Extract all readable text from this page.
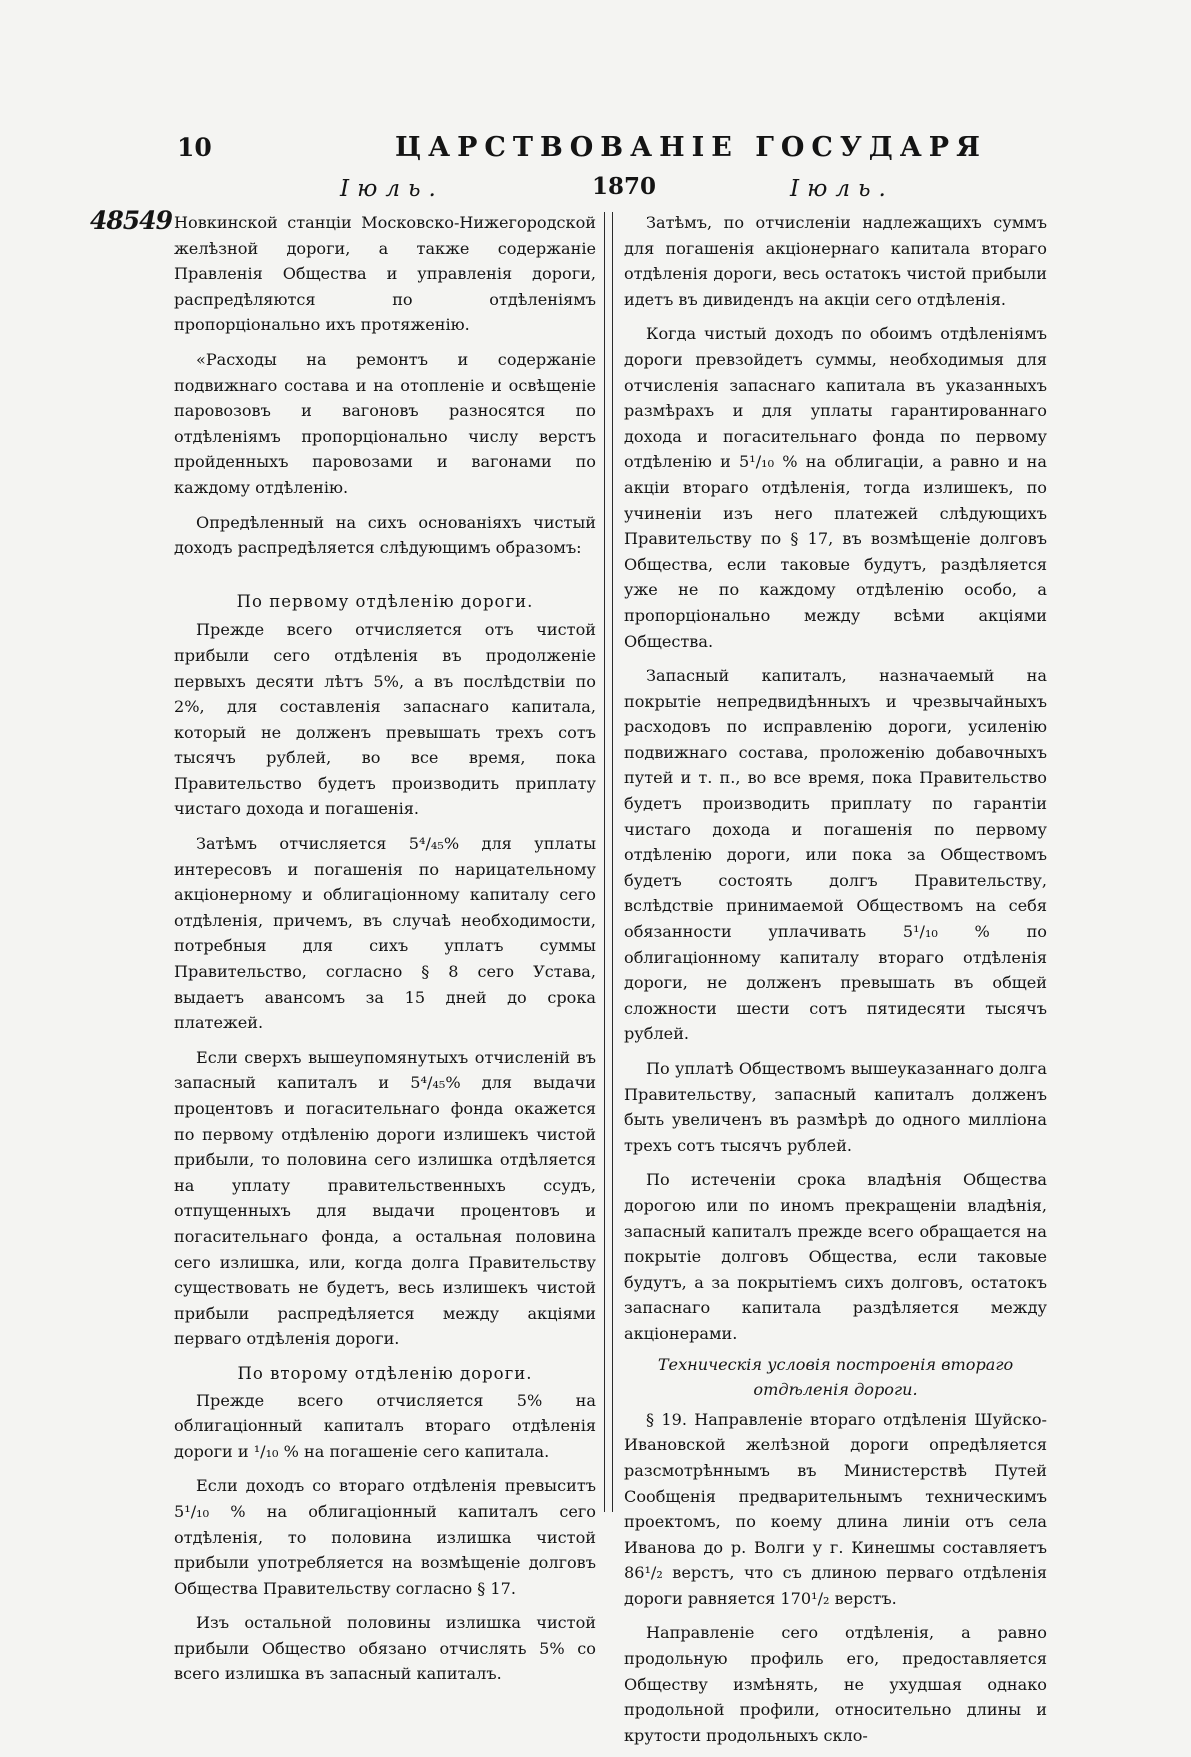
10	ЦАРСТВОВАНІЕ ГОСУДАРЯ
Іюль.	1870	Іюль.
48549 Новкинской станціи Московско-Нижегородской желѣзной дороги, а также содержаніе Правленія Общества и управленія дороги, распредѣляются по отдѣленіямъ пропорціонально ихъ протяженію.

«Расходы на ремонтъ и содержаніе подвижнаго состава и на отопленіе и освѣщеніе паровозовъ и вагоновъ разносятся по отдѣленіямъ пропорціонально числу верстъ пройденныхъ паровозами и вагонами по каждому отдѣленію.

Опредѣленный на сихъ основаніяхъ чистый доходъ распредѣляется слѣдующимъ образомъ:

По первому отдѣленію дороги.

Прежде всего отчисляется отъ чистой прибыли сего отдѣленія въ продолженіе первыхъ десяти лѣтъ 5%, а въ послѣдствіи по 2%, для составленія запаснаго капитала, который не долженъ превышать трехъ сотъ тысячъ рублей, во все время, пока Правительство будетъ производить приплату чистаго дохода и погашенія.

Затѣмъ отчисляется 5⁴/₄₅% для уплаты интересовъ и погашенія по нарицательному акціонерному и облигаціонному капиталу сего отдѣленія, причемъ, въ случаѣ необходимости, потребныя для сихъ уплатъ суммы Правительство, согласно § 8 сего Устава, выдаетъ авансомъ за 15 дней до срока платежей.

Если сверхъ вышеупомянутыхъ отчисленій въ запасный капиталъ и 5⁴/₄₅% для выдачи процентовъ и погасительнаго фонда окажется по первому отдѣленію дороги излишекъ чистой прибыли, то половина сего излишка отдѣляется на уплату правительственныхъ ссудъ, отпущенныхъ для выдачи процентовъ и погасительнаго фонда, а остальная половина сего излишка, или, когда долга Правительству существовать не будетъ, весь излишекъ чистой прибыли распредѣляется между акціями перваго отдѣленія дороги.

По второму отдѣленію дороги.

Прежде всего отчисляется 5% на облигаціонный капиталъ втораго отдѣленія дороги и ¹/₁₀ % на погашеніе сего капитала.

Если доходъ со втораго отдѣленія превыситъ 5¹/₁₀ % на облигаціонный капиталъ сего отдѣленія, то половина излишка чистой прибыли употребляется на возмѣщеніе долговъ Общества Правительству согласно § 17.

Изъ остальной половины излишка чистой прибыли Общество обязано отчислять 5% со всего излишка въ запасный капиталъ.

Затѣмъ, по отчисленіи надлежащихъ суммъ для погашенія акціонернаго капитала втораго отдѣленія дороги, весь остатокъ чистой прибыли идетъ въ дивидендъ на акціи сего отдѣленія.

Когда чистый доходъ по обоимъ отдѣленіямъ дороги превзойдетъ суммы, необходимыя для отчисленія запаснаго капитала въ указанныхъ размѣрахъ и для уплаты гарантированнаго дохода и погасительнаго фонда по первому отдѣленію и 5¹/₁₀ % на облигаціи, а равно и на акціи втораго отдѣленія, тогда излишекъ, по учиненіи изъ него платежей слѣдующихъ Правительству по § 17, въ возмѣщеніе долговъ Общества, если таковые будутъ, раздѣляется уже не по каждому отдѣленію особо, а пропорціонально между всѣми акціями Общества.

Запасный капиталъ, назначаемый на покрытіе непредвидѣнныхъ и чрезвычайныхъ расходовъ по исправленію дороги, усиленію подвижнаго состава, проложенію добавочныхъ путей и т. п., во все время, пока Правительство будетъ производить приплату по гарантіи чистаго дохода и погашенія по первому отдѣленію дороги, или пока за Обществомъ будетъ состоять долгъ Правительству, вслѣдствіе принимаемой Обществомъ на себя обязанности уплачивать 5¹/₁₀ % по облигаціонному капиталу втораго отдѣленія дороги, не долженъ превышать въ общей сложности шести сотъ пятидесяти тысячъ рублей.

По уплатѣ Обществомъ вышеуказаннаго долга Правительству, запасный капиталъ долженъ быть увеличенъ въ размѣрѣ до одного милліона трехъ сотъ тысячъ рублей.

По истеченіи срока владѣнія Общества дорогою или по иномъ прекращеніи владѣнія, запасный капиталъ прежде всего обращается на покрытіе долговъ Общества, если таковые будутъ, а за покрытіемъ сихъ долговъ, остатокъ запаснаго капитала раздѣляется между акціонерами.

Техническія условія построенія втораго отдѣленія дороги.

§ 19. Направленіе втораго отдѣленія Шуйско-Ивановской желѣзной дороги опредѣляется разсмотрѣннымъ въ Министерствѣ Путей Сообщенія предварительнымъ техническимъ проектомъ, по коему длина линіи отъ села Иванова до р. Волги у г. Кинешмы составляетъ 86¹/₂ верстъ, что съ длиною перваго отдѣленія дороги равняется 170¹/₂ верстъ.

Направленіе сего отдѣленія, а равно продольную профиль его, предоставляется Обществу измѣнять, не ухудшая однако продольной профили, относительно длины и крутости продольныхъ скло-
